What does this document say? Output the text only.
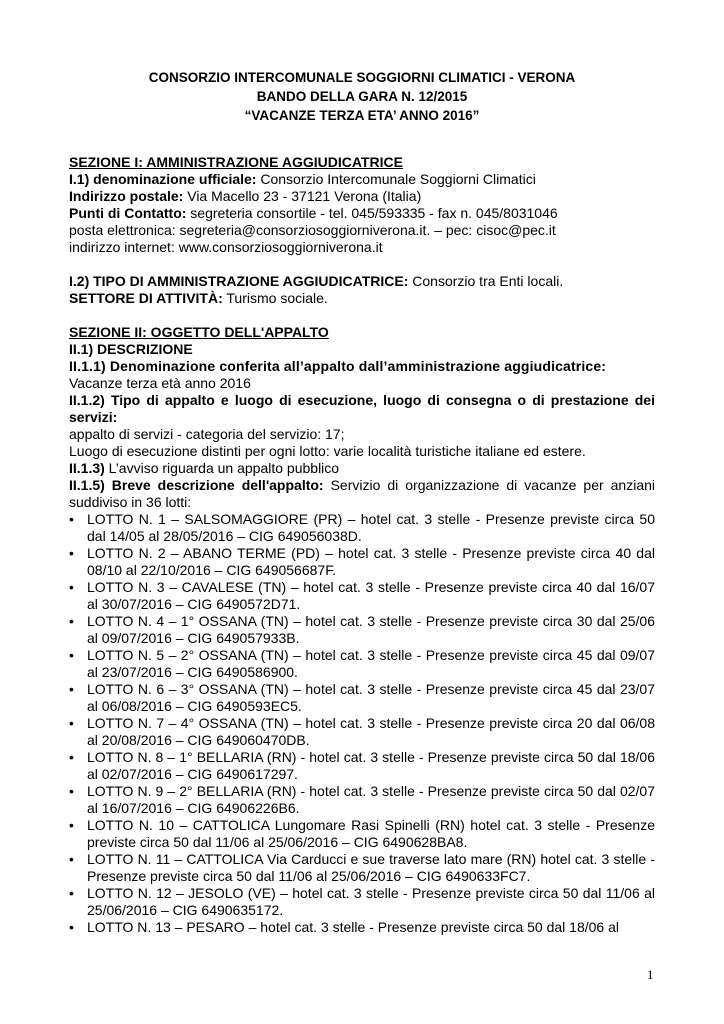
CONSORZIO INTERCOMUNALE SOGGIORNI CLIMATICI - VERONA
BANDO DELLA GARA N. 12/2015
“VACANZE TERZA ETA’ ANNO 2016”

SEZIONE I: AMMINISTRAZIONE AGGIUDICATRICE

I.1) denominazione ufficiale: Consorzio Intercomunale Soggiorni Climatici

Indirizzo postale: Via Macello 23 - 37121 Verona (Italia)

Punti di Contatto: segreteria consortile - tel. 045/593335 - fax n. 045/8031046

posta elettronica: segreteria@consorziosoggiorniverona.it. – pec: cisoc@pec.it

indirizzo internet: www.consorziosoggiorniverona.it

I.2) TIPO DI AMMINISTRAZIONE AGGIUDICATRICE: Consorzio tra Enti locali.

SETTORE DI ATTIVITÀ: Turismo sociale.

SEZIONE II: OGGETTO DELL'APPALTO

II.1) DESCRIZIONE

II.1.1) Denominazione conferita all’appalto dall’amministrazione aggiudicatrice:

Vacanze terza età anno 2016

II.1.2) Tipo di appalto e luogo di esecuzione, luogo di consegna o di prestazione dei servizi:

appalto di servizi - categoria del servizio: 17;

Luogo di esecuzione distinti per ogni lotto: varie località turistiche italiane ed estere.

II.1.3) L’avviso riguarda un appalto pubblico

II.1.5) Breve descrizione dell'appalto: Servizio di organizzazione di vacanze per anziani suddiviso in 36 lotti:

• LOTTO N. 1 – SALSOMAGGIORE (PR) – hotel cat. 3 stelle - Presenze previste circa 50 dal 14/05 al 28/05/2016 – CIG 649056038D.
• LOTTO N. 2 – ABANO TERME (PD) – hotel cat. 3 stelle - Presenze previste circa 40 dal 08/10 al 22/10/2016 – CIG 649056687F.
• LOTTO N. 3 – CAVALESE (TN) – hotel cat. 3 stelle - Presenze previste circa 40 dal 16/07 al 30/07/2016 – CIG 6490572D71.
• LOTTO N. 4 – 1° OSSANA (TN) – hotel cat. 3 stelle - Presenze previste circa 30 dal 25/06 al 09/07/2016 – CIG 649057933B.
• LOTTO N. 5 – 2° OSSANA (TN) – hotel cat. 3 stelle - Presenze previste circa 45 dal 09/07 al 23/07/2016 – CIG 6490586900.
• LOTTO N. 6 – 3° OSSANA (TN) – hotel cat. 3 stelle - Presenze previste circa 45 dal 23/07 al 06/08/2016 – CIG 6490593EC5.
• LOTTO N. 7 – 4° OSSANA (TN) – hotel cat. 3 stelle - Presenze previste circa 20 dal 06/08 al 20/08/2016 – CIG 649060470DB.
• LOTTO N. 8 – 1° BELLARIA (RN) - hotel cat. 3 stelle - Presenze previste circa 50 dal 18/06 al 02/07/2016 – CIG 6490617297.
• LOTTO N. 9 – 2° BELLARIA (RN) - hotel cat. 3 stelle - Presenze previste circa 50 dal 02/07 al 16/07/2016 – CIG 64906226B6.
• LOTTO N. 10 – CATTOLICA Lungomare Rasi Spinelli (RN) hotel cat. 3 stelle - Presenze previste circa 50 dal 11/06 al 25/06/2016 – CIG 6490628BA8.
• LOTTO N. 11 – CATTOLICA Via Carducci e sue traverse lato mare (RN) hotel cat. 3 stelle - Presenze previste circa 50 dal 11/06 al 25/06/2016 – CIG 6490633FC7.
• LOTTO N. 12 – JESOLO (VE) – hotel cat. 3 stelle - Presenze previste circa 50 dal 11/06 al 25/06/2016 – CIG 6490635172.
• LOTTO N. 13 – PESARO – hotel cat. 3 stelle - Presenze previste circa 50 dal 18/06 al
1
